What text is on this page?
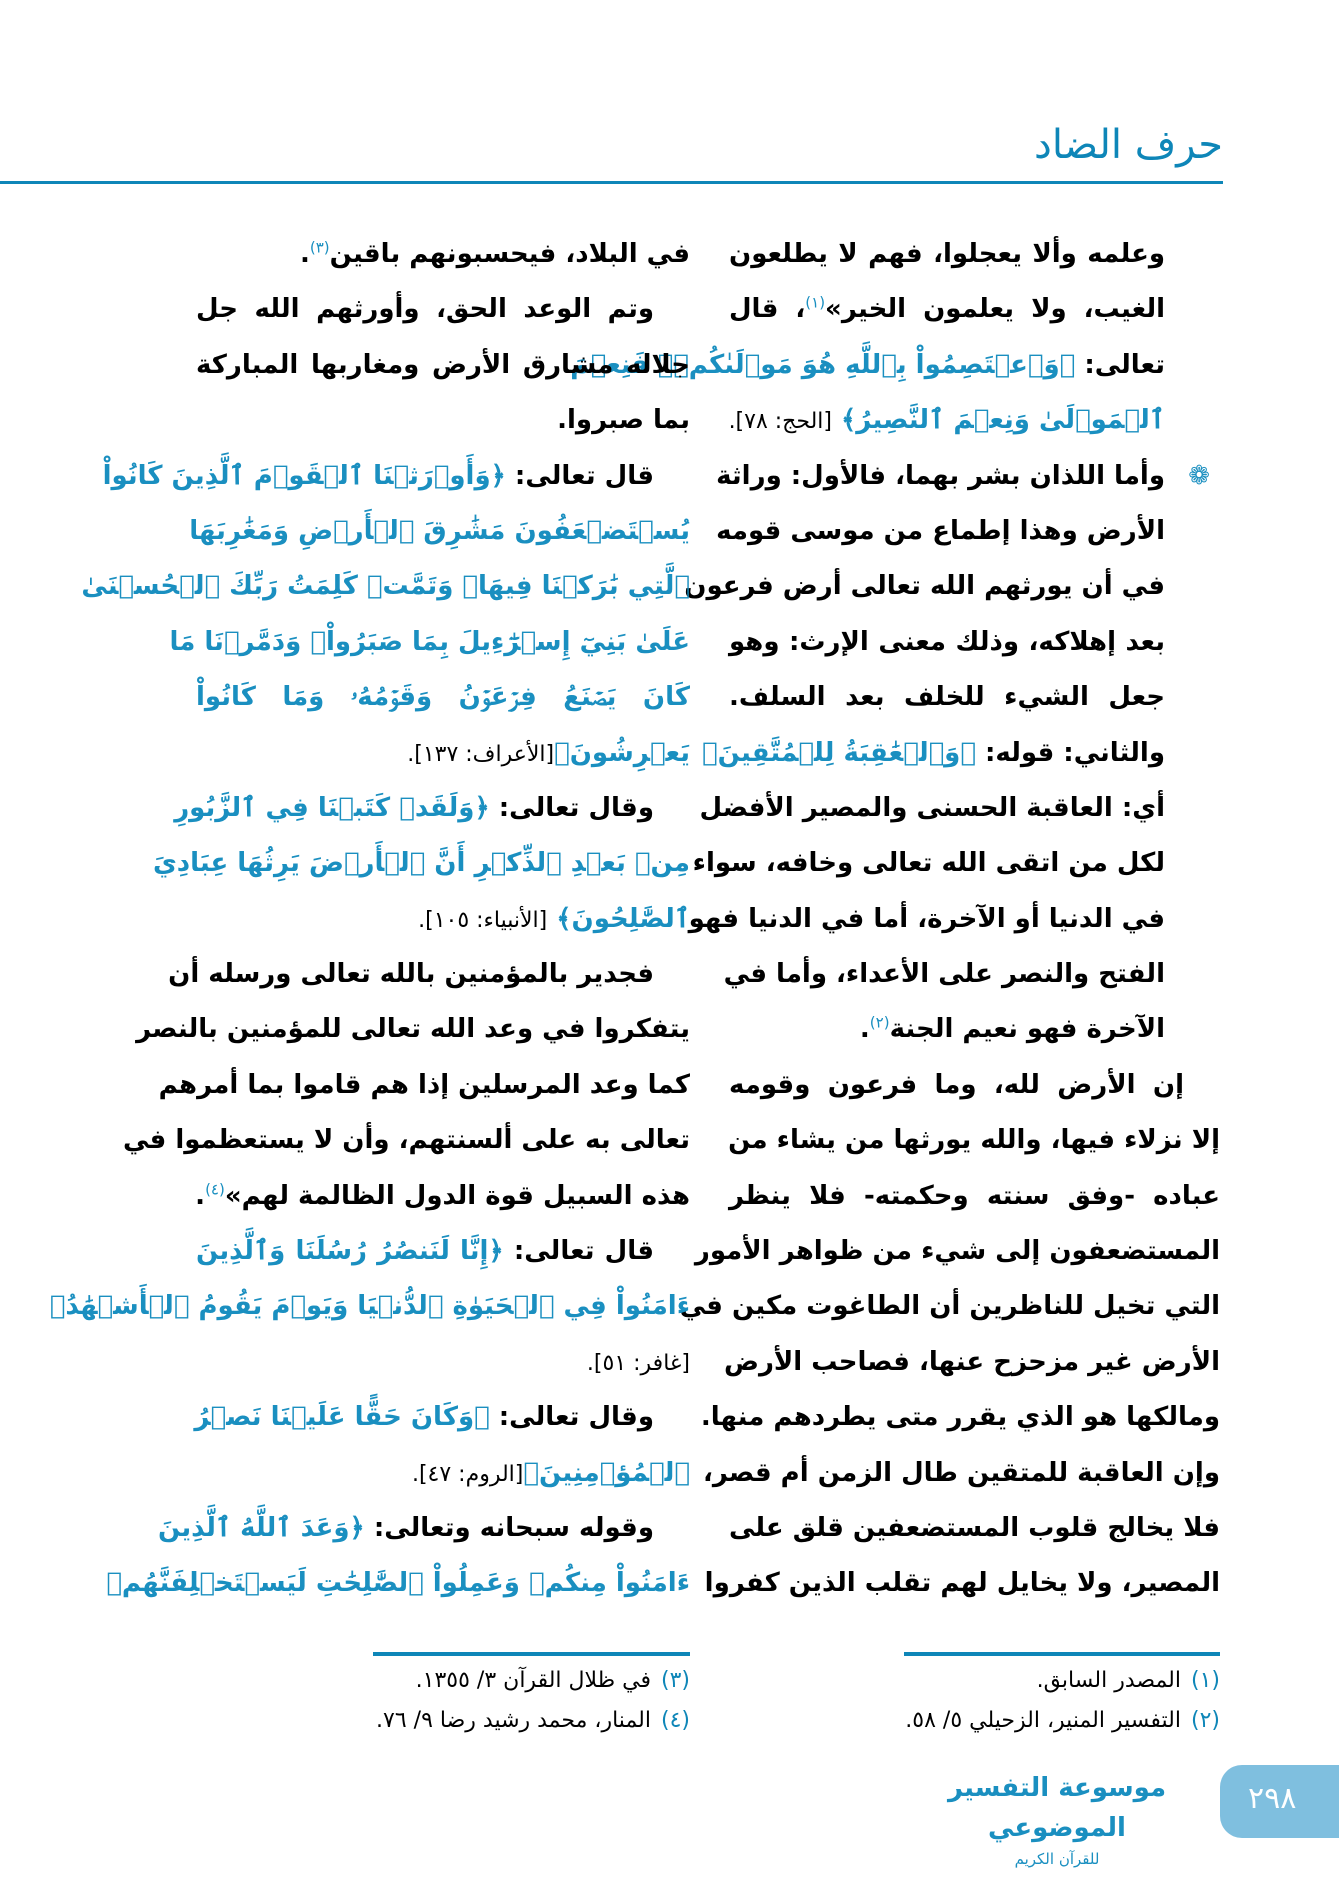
حرف الضاد
وعلمه وألا يعجلوا، فهم لا يطلعون
الغيب، ولا يعلمون الخير»$^{(١)}$، قال
تعالى: ﴿وَٱعۡتَصِمُواْ بِٱللَّهِ هُوَ مَوۡلَىٰكُمۡۖ فَنِعۡمَ
ٱلۡمَوۡلَىٰ وَنِعۡمَ ٱلنَّصِيرُ﴾ [الحج: ٧٨].
❁
وأما اللذان بشر بهما، فالأول: وراثة
الأرض وهذا إطماع من موسى قومه
في أن يورثهم الله تعالى أرض فرعون
بعد إهلاكه، وذلك معنى الإرث: وهو
جعل الشيء للخلف بعد السلف.
والثاني: قوله: ﴿وَٱلۡعَٰقِبَةُ لِلۡمُتَّقِينَ﴾
أي: العاقبة الحسنى والمصير الأفضل
لكل من اتقى الله تعالى وخافه، سواء
في الدنيا أو الآخرة، أما في الدنيا فهو
الفتح والنصر على الأعداء، وأما في
الآخرة فهو نعيم الجنة$^{(٢)}$.
إن الأرض لله، وما فرعون وقومه
إلا نزلاء فيها، والله يورثها من يشاء من
عباده -وفق سنته وحكمته- فلا ينظر
المستضعفون إلى شيء من ظواهر الأمور
التي تخيل للناظرين أن الطاغوت مكين في
الأرض غير مزحزح عنها، فصاحب الأرض
ومالكها هو الذي يقرر متى يطردهم منها.
وإن العاقبة للمتقين طال الزمن أم قصر،
فلا يخالج قلوب المستضعفين قلق على
المصير، ولا يخايل لهم تقلب الذين كفروا
في البلاد، فيحسبونهم باقين$^{(٣)}$.
وتم الوعد الحق، وأورثهم الله جل
جلاله مشارق الأرض ومغاربها المباركة
بما صبروا.
قال تعالى: ﴿وَأَوۡرَثۡنَا ٱلۡقَوۡمَ ٱلَّذِينَ كَانُواْ
يُسۡتَضۡعَفُونَ مَشَٰرِقَ ٱلۡأَرۡضِ وَمَغَٰرِبَهَا
ٱلَّتِي بَٰرَكۡنَا فِيهَاۖ وَتَمَّتۡ كَلِمَتُ رَبِّكَ ٱلۡحُسۡنَىٰ
عَلَىٰ بَنِيٓ إِسۡرَٰٓءِيلَ بِمَا صَبَرُواْۖ وَدَمَّرۡنَا مَا
كَانَ يَصۡنَعُ فِرۡعَوۡنُ وَقَوۡمُهُۥ وَمَا كَانُواْ
يَعۡرِشُونَ﴾[الأعراف: ١٣٧].
وقال تعالى: ﴿وَلَقَدۡ كَتَبۡنَا فِي ٱلزَّبُورِ
مِنۢ بَعۡدِ ٱلذِّكۡرِ أَنَّ ٱلۡأَرۡضَ يَرِثُهَا عِبَادِيَ
ٱلصَّٰلِحُونَ﴾ [الأنبياء: ١٠٥].
فجدير بالمؤمنين بالله تعالى ورسله أن
يتفكروا في وعد الله تعالى للمؤمنين بالنصر
كما وعد المرسلين إذا هم قاموا بما أمرهم
تعالى به على ألسنتهم، وأن لا يستعظموا في
هذه السبيل قوة الدول الظالمة لهم»$^{(٤)}$.
قال تعالى: ﴿إِنَّا لَنَنصُرُ رُسُلَنَا وَٱلَّذِينَ
ءَامَنُواْ فِي ٱلۡحَيَوٰةِ ٱلدُّنۡيَا وَيَوۡمَ يَقُومُ ٱلۡأَشۡهَٰدُ﴾
[غافر: ٥١].
وقال تعالى: ﴿وَكَانَ حَقًّا عَلَيۡنَا نَصۡرُ
ٱلۡمُؤۡمِنِينَ﴾[الروم: ٤٧].
وقوله سبحانه وتعالى: ﴿وَعَدَ ٱللَّهُ ٱلَّذِينَ
ءَامَنُواْ مِنكُمۡ وَعَمِلُواْ ٱلصَّٰلِحَٰتِ لَيَسۡتَخۡلِفَنَّهُمۡ
(١)المصدر السابق.
(٢)التفسير المنير، الزحيلي ٥/ ٥٨.
(٣)في ظلال القرآن ٣/ ١٣٥٥.
(٤)المنار، محمد رشيد رضا ٩/ ٧٦.
موسوعة التفسير الموضوعي
للقرآن الكريم
٢٩٨
